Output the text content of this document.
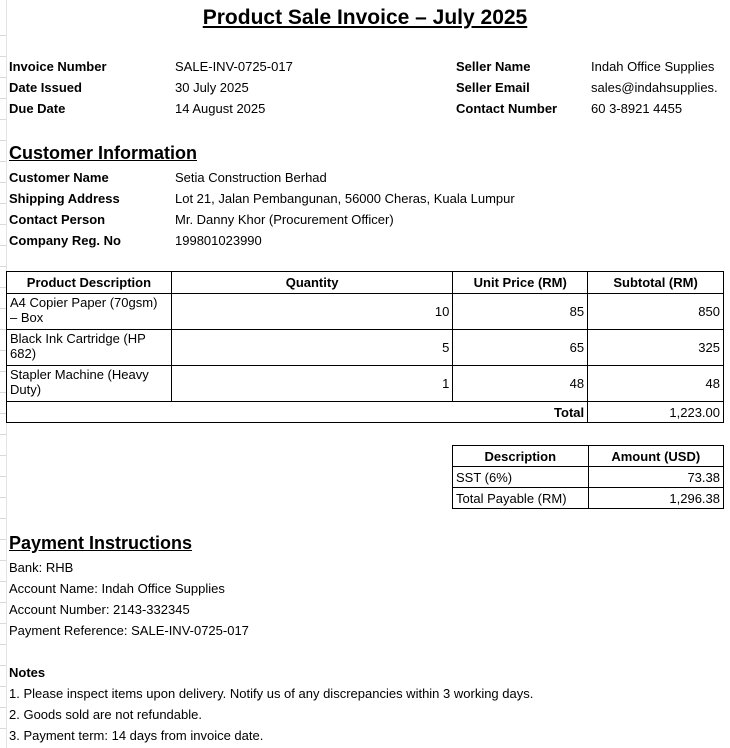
Product Sale Invoice – July 2025
Invoice Number	SALE-INV-0725-017
Date Issued	30 July 2025
Due Date	14 August 2025
Seller Name	Indah Office Supplies
Seller Email	sales@indahsupplies.
Contact Number	60 3-8921 4455
Customer Information
Customer Name	Setia Construction Berhad
Shipping Address	Lot 21, Jalan Pembangunan, 56000 Cheras, Kuala Lumpur
Contact Person	Mr. Danny Khor (Procurement Officer)
Company Reg. No	199801023990
Product Description	Quantity	Unit Price (RM)	Subtotal (RM)
A4 Copier Paper (70gsm) – Box	10	85	850
Black Ink Cartridge (HP 682)	5	65	325
Stapler Machine (Heavy Duty)	1	48	48
		Total	1,223.00
Description	Amount (USD)
SST (6%)	73.38
Total Payable (RM)	1,296.38
Payment Instructions
Bank: RHB
Account Name: Indah Office Supplies
Account Number: 2143-332345
Payment Reference: SALE-INV-0725-017
Notes
1. Please inspect items upon delivery. Notify us of any discrepancies within 3 working days.
2. Goods sold are not refundable.
3. Payment term: 14 days from invoice date.
